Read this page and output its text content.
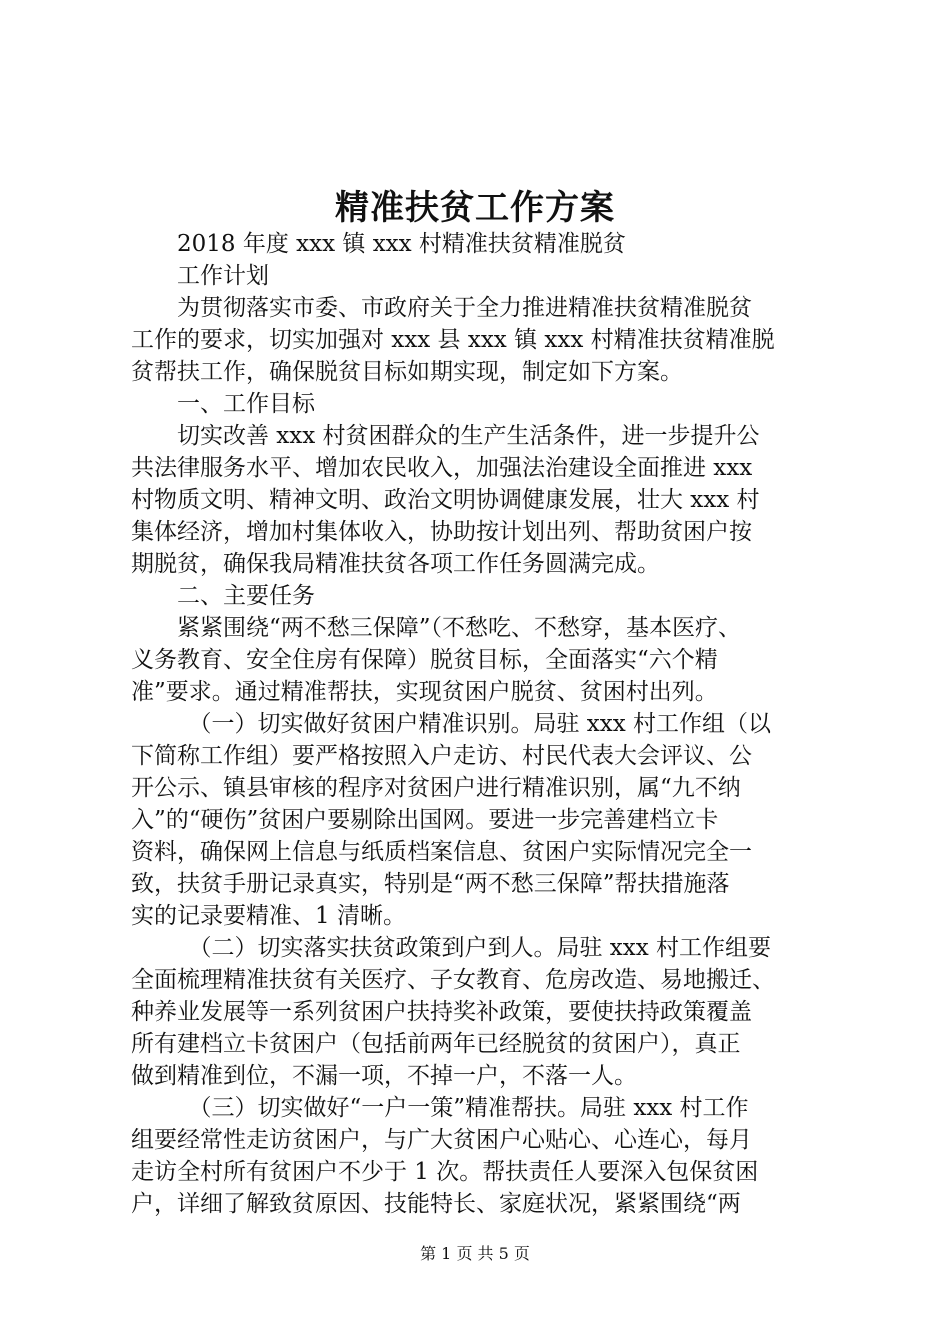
精准扶贫工作方案
2018 年度 xxx 镇 xxx 村精准扶贫精准脱贫
工作计划
为贯彻落实市委、市政府关于全力推进精准扶贫精准脱贫
工作的要求，切实加强对 xxx 县 xxx 镇 xxx 村精准扶贫精准脱
贫帮扶工作，确保脱贫目标如期实现，制定如下方案。
一、工作目标
切实改善 xxx 村贫困群众的生产生活条件，进一步提升公
共法律服务水平、增加农民收入，加强法治建设全面推进 xxx
村物质文明、精神文明、政治文明协调健康发展，壮大 xxx 村
集体经济，增加村集体收入，协助按计划出列、帮助贫困户按
期脱贫，确保我局精准扶贫各项工作任务圆满完成。
二、主要任务
紧紧围绕“两不愁三保障”（不愁吃、不愁穿，基本医疗、
义务教育、安全住房有保障）脱贫目标，全面落实“六个精
准”要求。通过精准帮扶，实现贫困户脱贫、贫困村出列。
（一）切实做好贫困户精准识别。局驻 xxx 村工作组（以
下简称工作组）要严格按照入户走访、村民代表大会评议、公
开公示、镇县审核的程序对贫困户进行精准识别，属“九不纳
入”的“硬伤”贫困户要剔除出国网。要进一步完善建档立卡
资料，确保网上信息与纸质档案信息、贫困户实际情况完全一
致，扶贫手册记录真实，特别是“两不愁三保障”帮扶措施落
实的记录要精准、1 清晰。
（二）切实落实扶贫政策到户到人。局驻 xxx 村工作组要
全面梳理精准扶贫有关医疗、子女教育、危房改造、易地搬迁、
种养业发展等一系列贫困户扶持奖补政策，要使扶持政策覆盖
所有建档立卡贫困户（包括前两年已经脱贫的贫困户），真正
做到精准到位，不漏一项，不掉一户，不落一人。
（三）切实做好“一户一策”精准帮扶。局驻 xxx 村工作
组要经常性走访贫困户，与广大贫困户心贴心、心连心，每月
走访全村所有贫困户不少于 1 次。帮扶责任人要深入包保贫困
户，详细了解致贫原因、技能特长、家庭状况，紧紧围绕“两
第 1 页 共 5 页
